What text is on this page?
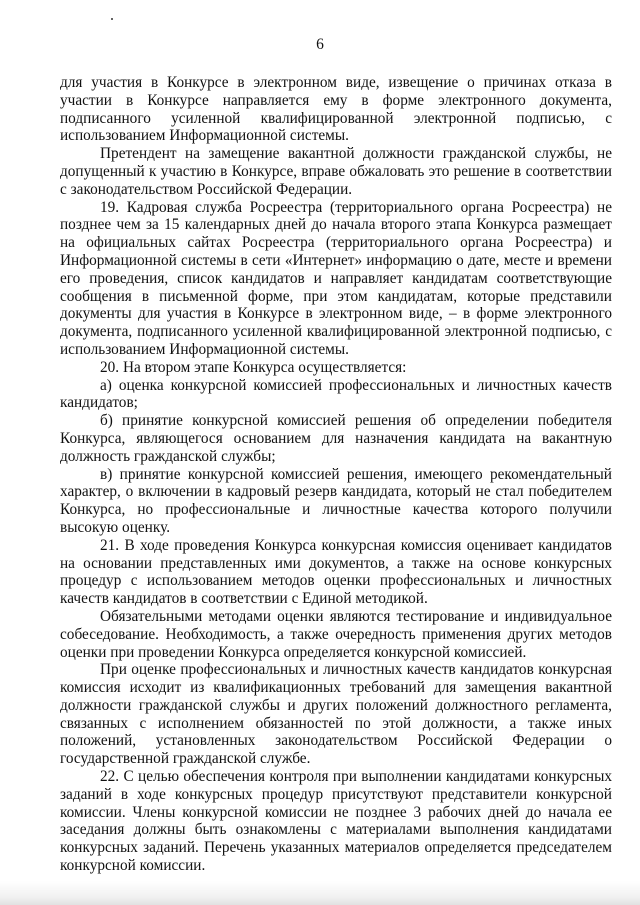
6

для участия в Конкурсе в электронном виде, извещение о причинах отказа в участии в Конкурсе направляется ему в форме электронного документа, подписанного усиленной квалифицированной электронной подписью, с использованием Информационной системы.

Претендент на замещение вакантной должности гражданской службы, не допущенный к участию в Конкурсе, вправе обжаловать это решение в соответствии с законодательством Российской Федерации.

19. Кадровая служба Росреестра (территориального органа Росреестра) не позднее чем за 15 календарных дней до начала второго этапа Конкурса размещает на официальных сайтах Росреестра (территориального органа Росреестра) и Информационной системы в сети «Интернет» информацию о дате, месте и времени его проведения, список кандидатов и направляет кандидатам соответствующие сообщения в письменной форме, при этом кандидатам, которые представили документы для участия в Конкурсе в электронном виде, – в форме электронного документа, подписанного усиленной квалифицированной электронной подписью, с использованием Информационной системы.

20. На втором этапе Конкурса осуществляется:

а) оценка конкурсной комиссией профессиональных и личностных качеств кандидатов;

б) принятие конкурсной комиссией решения об определении победителя Конкурса, являющегося основанием для назначения кандидата на вакантную должность гражданской службы;

в) принятие конкурсной комиссией решения, имеющего рекомендательный характер, о включении в кадровый резерв кандидата, который не стал победителем Конкурса, но профессиональные и личностные качества которого получили высокую оценку.

21. В ходе проведения Конкурса конкурсная комиссия оценивает кандидатов на основании представленных ими документов, а также на основе конкурсных процедур с использованием методов оценки профессиональных и личностных качеств кандидатов в соответствии с Единой методикой.

Обязательными методами оценки являются тестирование и индивидуальное собеседование. Необходимость, а также очередность применения других методов оценки при проведении Конкурса определяется конкурсной комиссией.

При оценке профессиональных и личностных качеств кандидатов конкурсная комиссия исходит из квалификационных требований для замещения вакантной должности гражданской службы и других положений должностного регламента, связанных с исполнением обязанностей по этой должности, а также иных положений, установленных законодательством Российской Федерации о государственной гражданской службе.

22. С целью обеспечения контроля при выполнении кандидатами конкурсных заданий в ходе конкурсных процедур присутствуют представители конкурсной комиссии. Члены конкурсной комиссии не позднее 3 рабочих дней до начала ее заседания должны быть ознакомлены с материалами выполнения кандидатами конкурсных заданий. Перечень указанных материалов определяется председателем конкурсной комиссии.
